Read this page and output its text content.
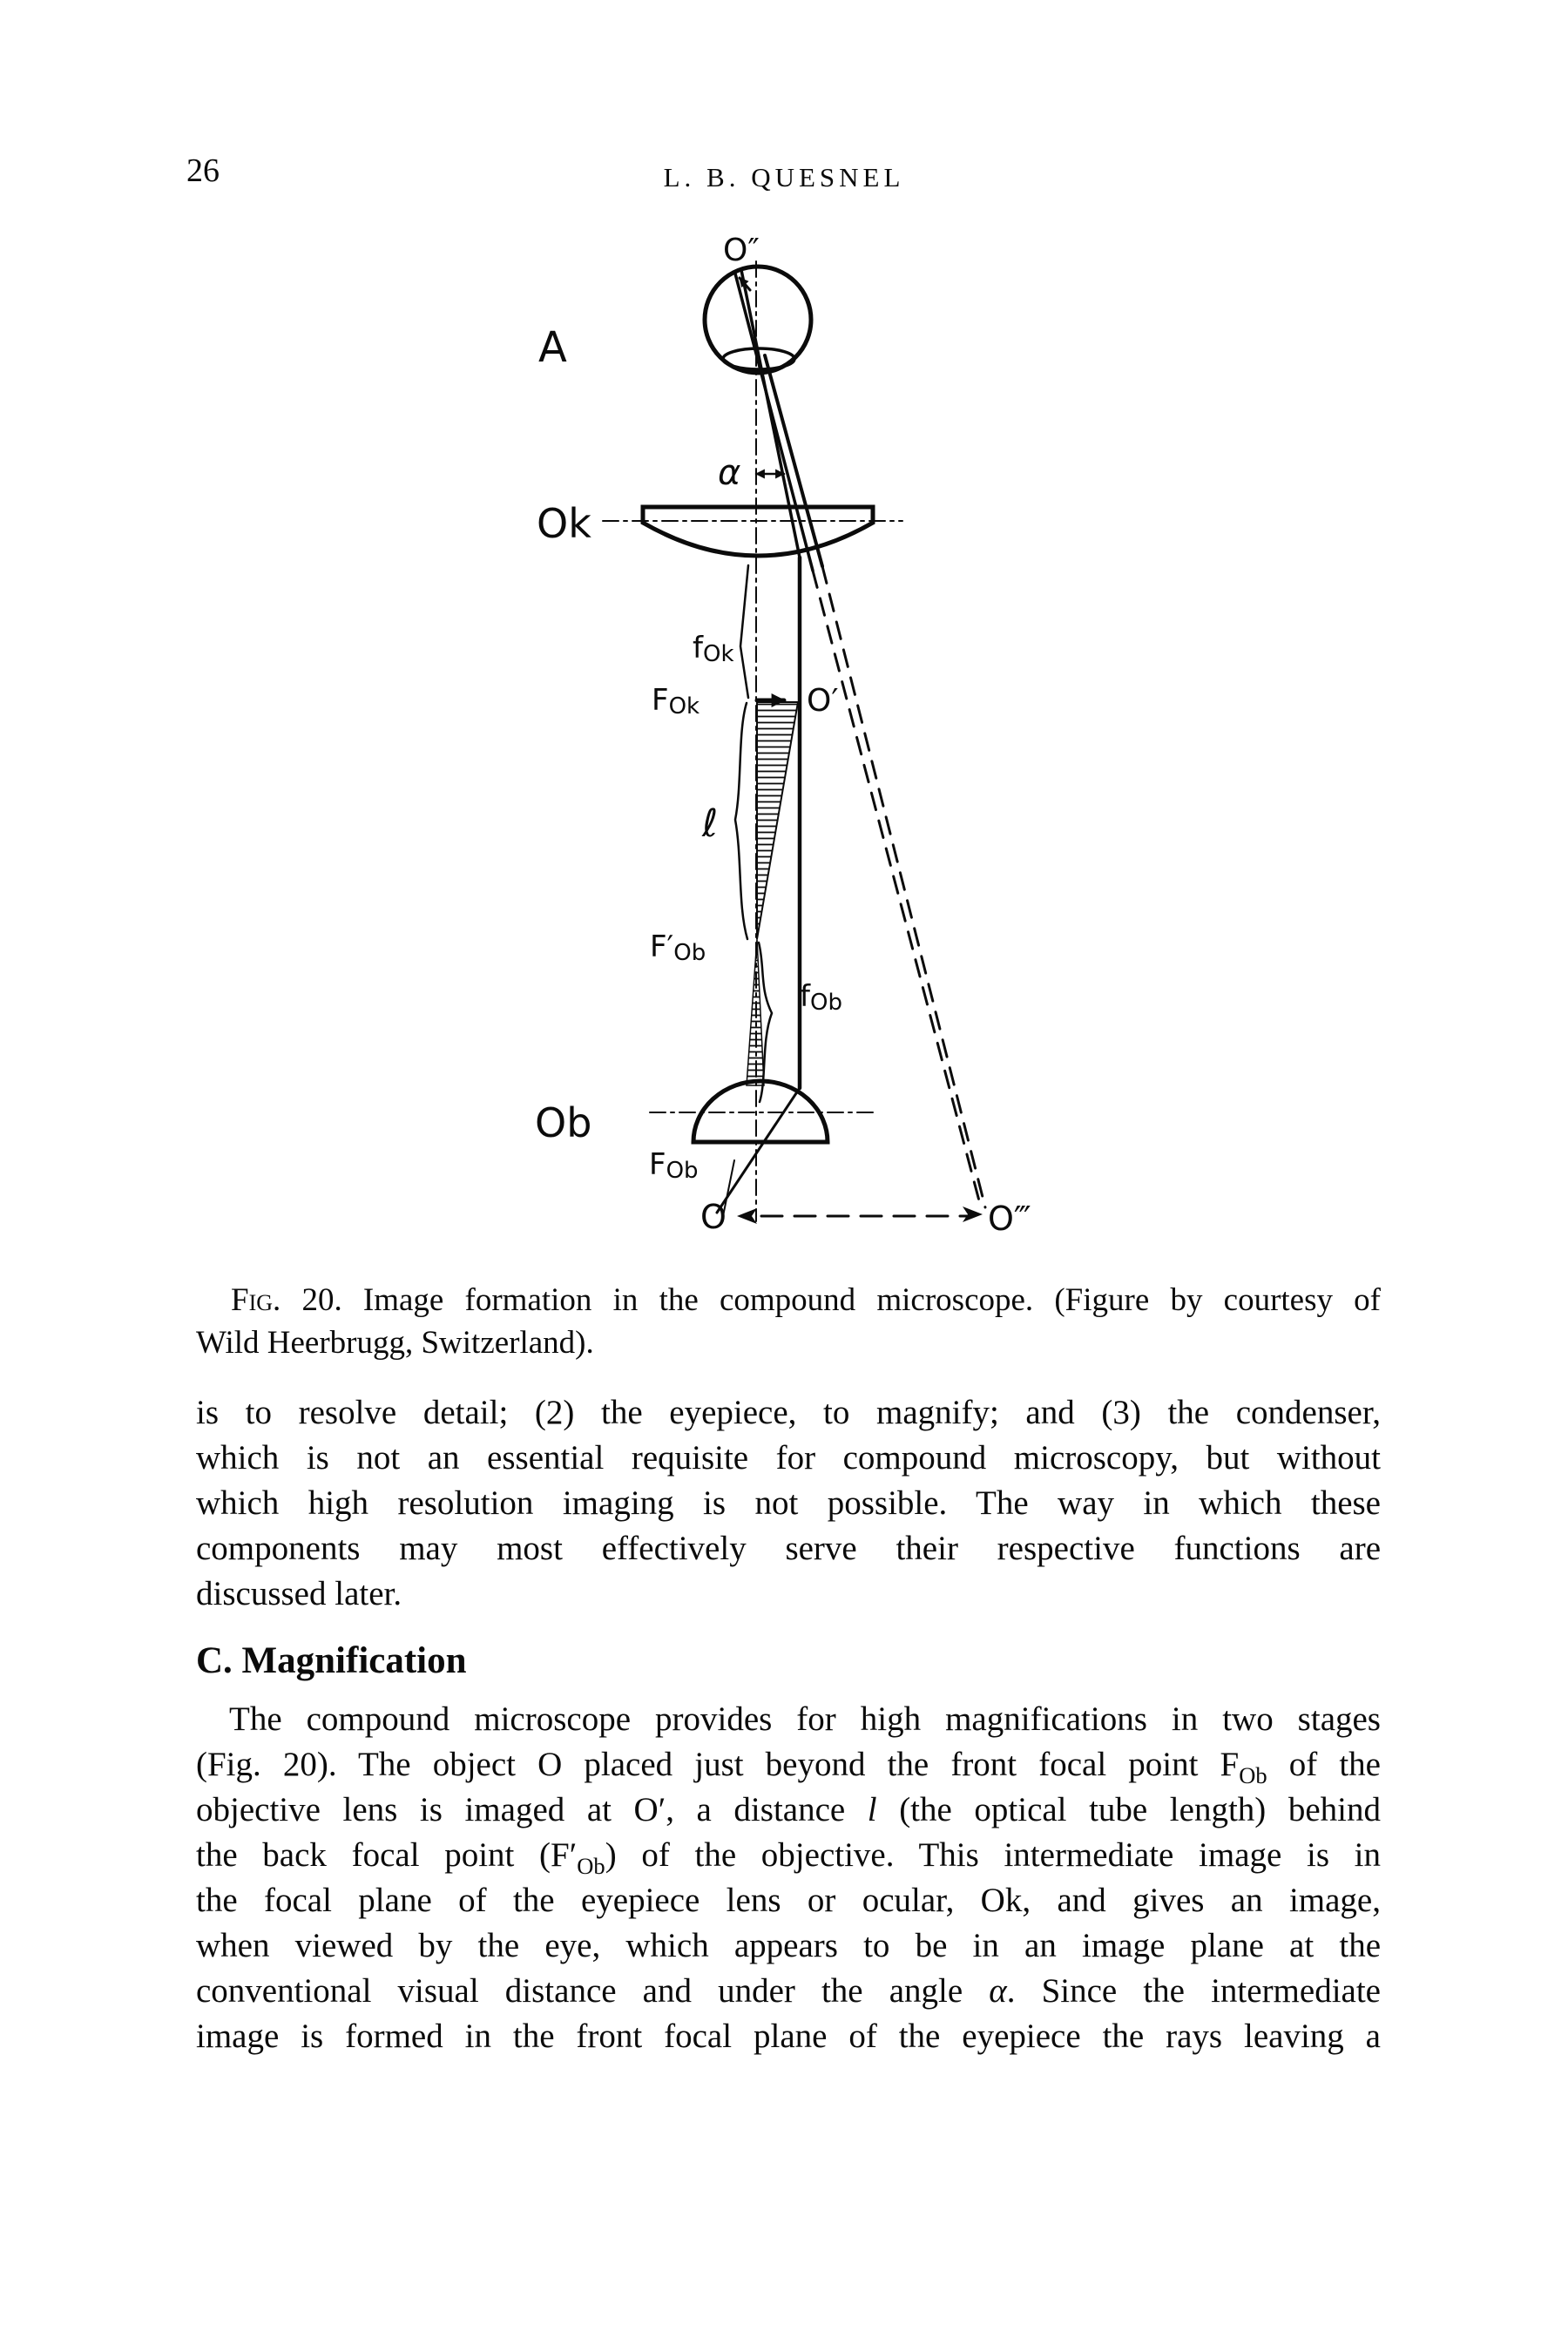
26	L. B. QUESNEL
α
Ok
A
O″
fOk
FOk	O′
ℓ
F′Ob
fOb
Ob
FOb
O	O‴
Fig. 20. Image formation in the compound microscope. (Figure by courtesy of
Wild Heerbrugg, Switzerland).
is to resolve detail; (2) the eyepiece, to magnify; and (3) the condenser,
which is not an essential requisite for compound microscopy, but without
which high resolution imaging is not possible. The way in which these
components may most effectively serve their respective functions are
discussed later.
C. Magnification
The compound microscope provides for high magnifications in two stages
(Fig. 20). The object O placed just beyond the front focal point $F_{Ob}$ of the
objective lens is imaged at O′, a distance l (the optical tube length) behind
the back focal point $(F'_{Ob})$ of the objective. This intermediate image is in
the focal plane of the eyepiece lens or ocular, Ok, and gives an image,
when viewed by the eye, which appears to be in an image plane at the
conventional visual distance and under the angle α. Since the intermediate
image is formed in the front focal plane of the eyepiece the rays leaving a
